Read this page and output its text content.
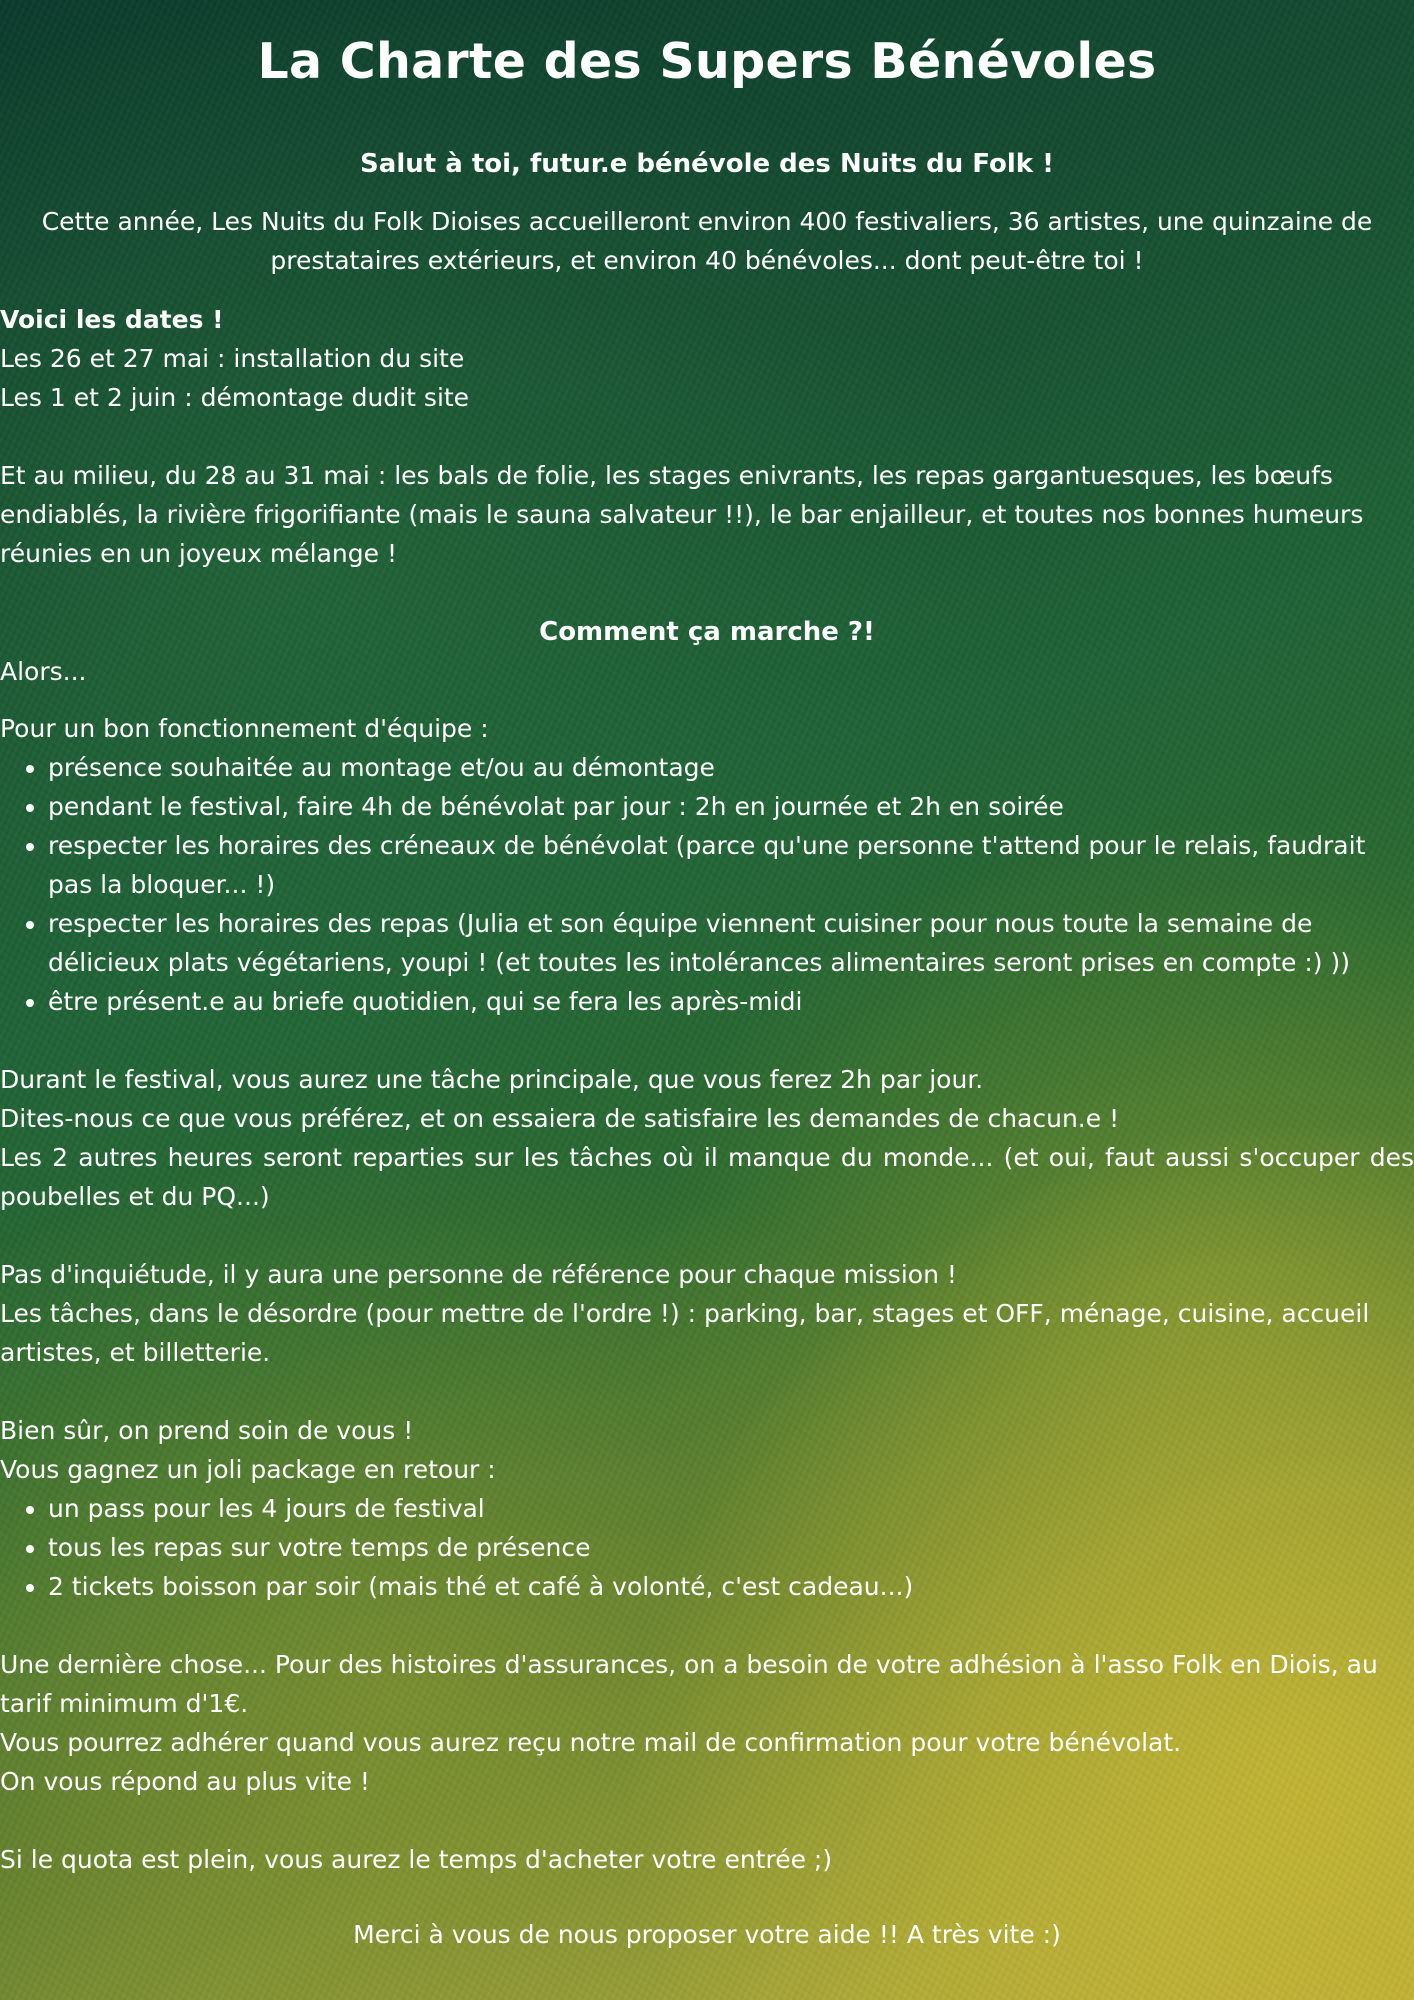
La Charte des Supers Bénévoles
Salut à toi, futur.e bénévole des Nuits du Folk !

Cette année, Les Nuits du Folk Dioises accueilleront environ 400 festivaliers, 36 artistes, une quinzaine de prestataires extérieurs, et environ 40 bénévoles... dont peut-être toi !

Voici les dates !

Les 26 et 27 mai : installation du site

Les 1 et 2 juin : démontage dudit site

Et au milieu, du 28 au 31 mai : les bals de folie, les stages enivrants, les repas gargantuesques, les bœufs endiablés, la rivière frigorifiante (mais le sauna salvateur !!), le bar enjailleur, et toutes nos bonnes humeurs réunies en un joyeux mélange !

Comment ça marche ?!

Alors...

Pour un bon fonctionnement d'équipe :

• présence souhaitée au montage et/ou au démontage
• pendant le festival, faire 4h de bénévolat par jour : 2h en journée et 2h en soirée
• respecter les horaires des créneaux de bénévolat (parce qu'une personne t'attend pour le relais, faudrait pas la bloquer... !)
• respecter les horaires des repas (Julia et son équipe viennent cuisiner pour nous toute la semaine de délicieux plats végétariens, youpi ! (et toutes les intolérances alimentaires seront prises en compte :) ))
• être présent.e au briefe quotidien, qui se fera les après-midi

Durant le festival, vous aurez une tâche principale, que vous ferez 2h par jour.

Dites-nous ce que vous préférez, et on essaiera de satisfaire les demandes de chacun.e !

Les 2 autres heures seront reparties sur les tâches où il manque du monde... (et oui, faut aussi s'occuper des poubelles et du PQ...)

Pas d'inquiétude, il y aura une personne de référence pour chaque mission !

Les tâches, dans le désordre (pour mettre de l'ordre !) : parking, bar, stages et OFF, ménage, cuisine, accueil artistes, et billetterie.

Bien sûr, on prend soin de vous !

Vous gagnez un joli package en retour :

• un pass pour les 4 jours de festival
• tous les repas sur votre temps de présence
• 2 tickets boisson par soir (mais thé et café à volonté, c'est cadeau...)

Une dernière chose... Pour des histoires d'assurances, on a besoin de votre adhésion à l'asso Folk en Diois, au tarif minimum d'1€.

Vous pourrez adhérer quand vous aurez reçu notre mail de confirmation pour votre bénévolat.

On vous répond au plus vite !

Si le quota est plein, vous aurez le temps d'acheter votre entrée ;)

Merci à vous de nous proposer votre aide !! A très vite :)
